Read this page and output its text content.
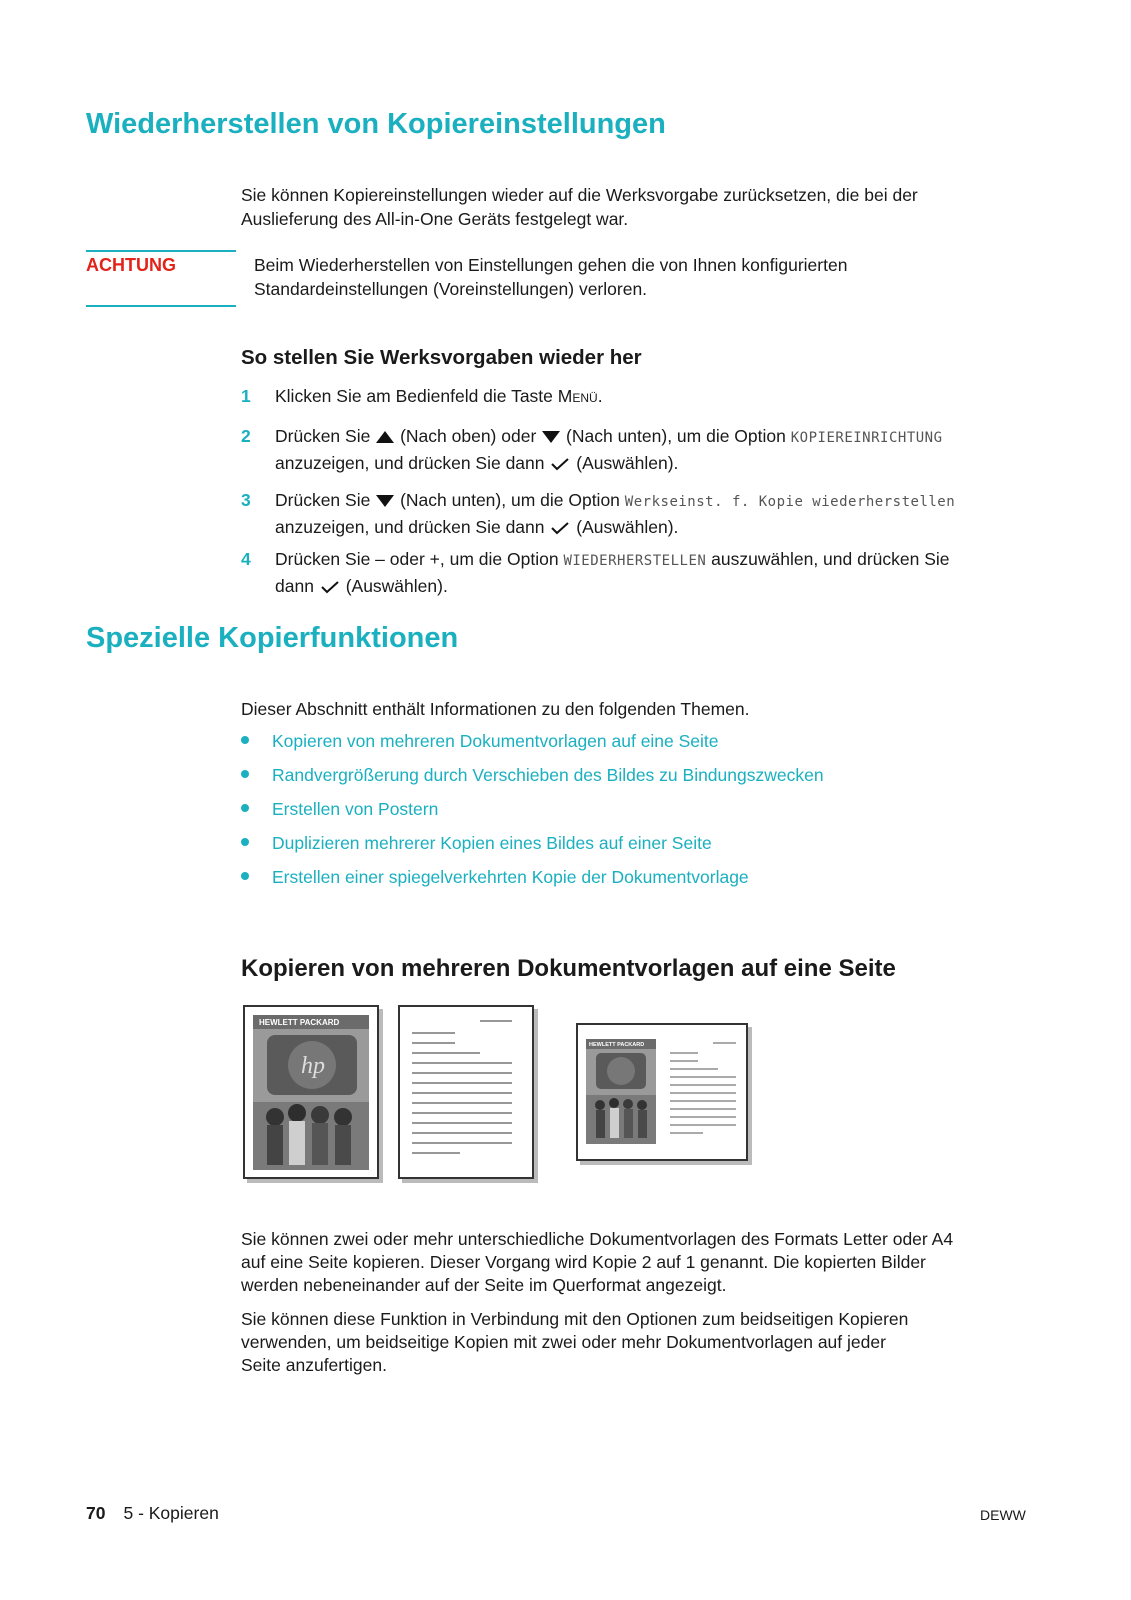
Wiederherstellen von Kopiereinstellungen
Sie können Kopiereinstellungen wieder auf die Werksvorgabe zurücksetzen, die bei der
Auslieferung des All-in-One Geräts festgelegt war.
ACHTUNG	Beim Wiederherstellen von Einstellungen gehen die von Ihnen konfigurierten
Standardeinstellungen (Voreinstellungen) verloren.
So stellen Sie Werksvorgaben wieder her
1 Klicken Sie am Bedienfeld die Taste Menü.
2 Drücken Sie (Nach oben) oder (Nach unten), um die Option KOPIEREINRICHTUNG
anzuzeigen, und drücken Sie dann (Auswählen).
3 Drücken Sie (Nach unten), um die Option Werkseinst. f. Kopie wiederherstellen
anzuzeigen, und drücken Sie dann (Auswählen).
4 Drücken Sie – oder +, um die Option WIEDERHERSTELLEN auszuwählen, und drücken Sie
dann (Auswählen).
Spezielle Kopierfunktionen
Dieser Abschnitt enthält Informationen zu den folgenden Themen.
Kopieren von mehreren Dokumentvorlagen auf eine Seite
Randvergrößerung durch Verschieben des Bildes zu Bindungszwecken
Erstellen von Postern
Duplizieren mehrerer Kopien eines Bildes auf einer Seite
Erstellen einer spiegelverkehrten Kopie der Dokumentvorlage
Kopieren von mehreren Dokumentvorlagen auf eine Seite
HEWLETT PACKARD
hp
HEWLETT PACKARD
Sie können zwei oder mehr unterschiedliche Dokumentvorlagen des Formats Letter oder A4
auf eine Seite kopieren. Dieser Vorgang wird Kopie 2 auf 1 genannt. Die kopierten Bilder
werden nebeneinander auf der Seite im Querformat angezeigt.
Sie können diese Funktion in Verbindung mit den Optionen zum beidseitigen Kopieren
verwenden, um beidseitige Kopien mit zwei oder mehr Dokumentvorlagen auf jeder
Seite anzufertigen.
70 5 - Kopieren	DEWW
